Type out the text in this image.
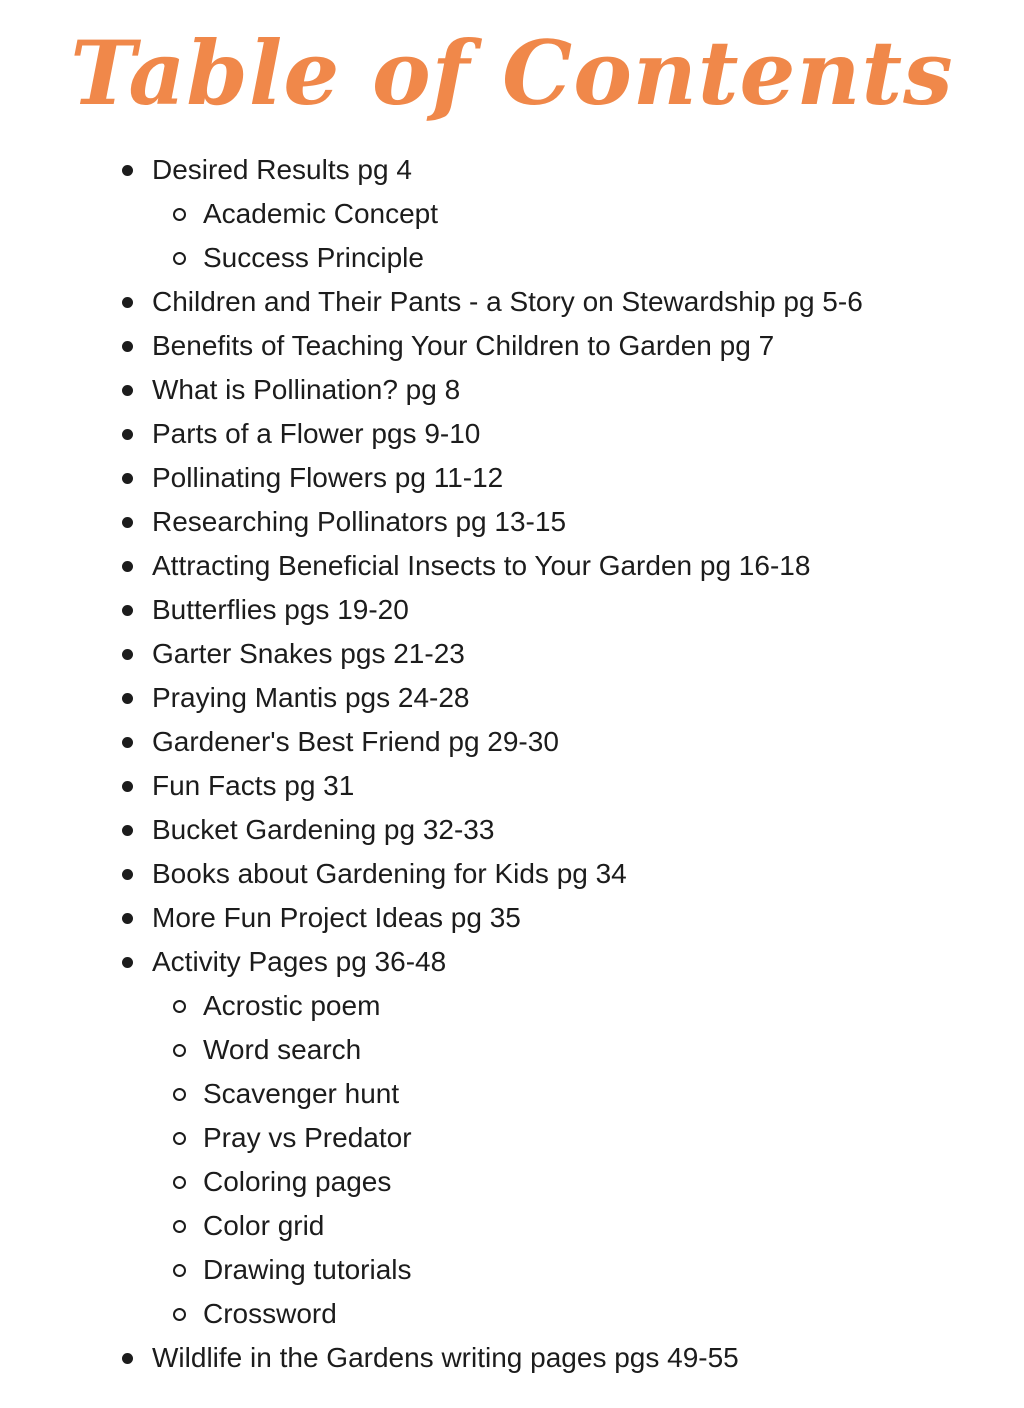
Table of Contents
Desired Results pg 4
Academic Concept
Success Principle
Children and Their Pants - a Story on Stewardship pg 5-6
Benefits of Teaching Your Children to Garden pg 7
What is Pollination? pg 8
Parts of a Flower pgs 9-10
Pollinating Flowers pg 11-12
Researching Pollinators pg 13-15
Attracting Beneficial Insects to Your Garden pg 16-18
Butterflies pgs 19-20
Garter Snakes pgs 21-23
Praying Mantis pgs 24-28
Gardener's Best Friend pg 29-30
Fun Facts pg 31
Bucket Gardening pg 32-33
Books about Gardening for Kids pg 34
More Fun Project Ideas pg 35
Activity Pages pg 36-48
Acrostic poem
Word search
Scavenger hunt
Pray vs Predator
Coloring pages
Color grid
Drawing tutorials
Crossword
Wildlife in the Gardens writing pages pgs 49-55
